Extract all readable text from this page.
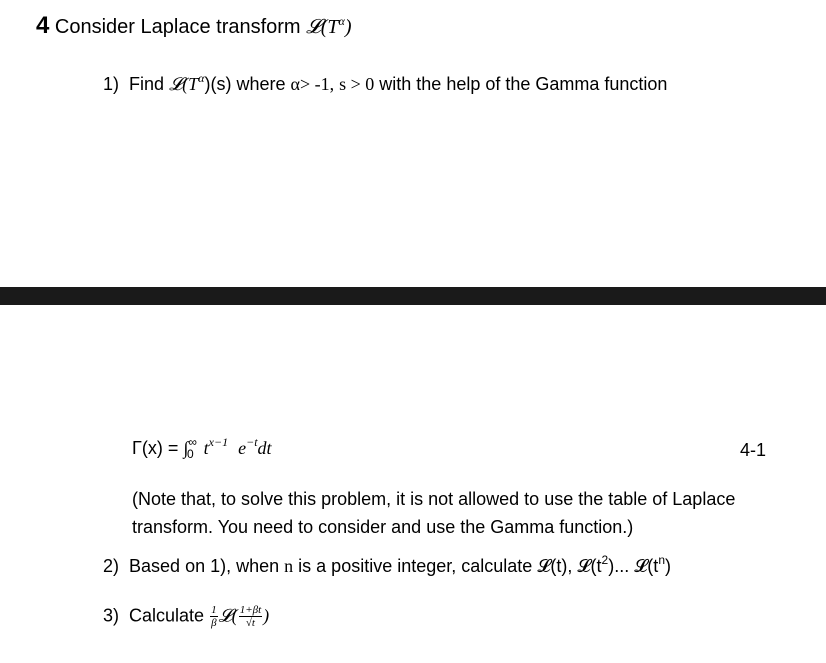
4 Consider Laplace transform $𝓛(T^\alpha)$
1) Find $𝓛(T^\alpha)(s)$ where α> -1, s > 0 with the help of the Gamma function
$\Gamma(x) = \int^\infty_0$ $t^{x-1}$ $e^{-t}dt$	4-1
(Note that, to solve this problem, it is not allowed to use the table of Laplace transform. You need to consider and use the Gamma function.)
2) Based on 1), when n is a positive integer, calculate 𝓛(t), $𝓛(t^2)$... $𝓛(t^n)$
3) Calculate $\frac{1}{\beta}$ 𝓛( $\frac{1+\beta t}{√t}$ )
